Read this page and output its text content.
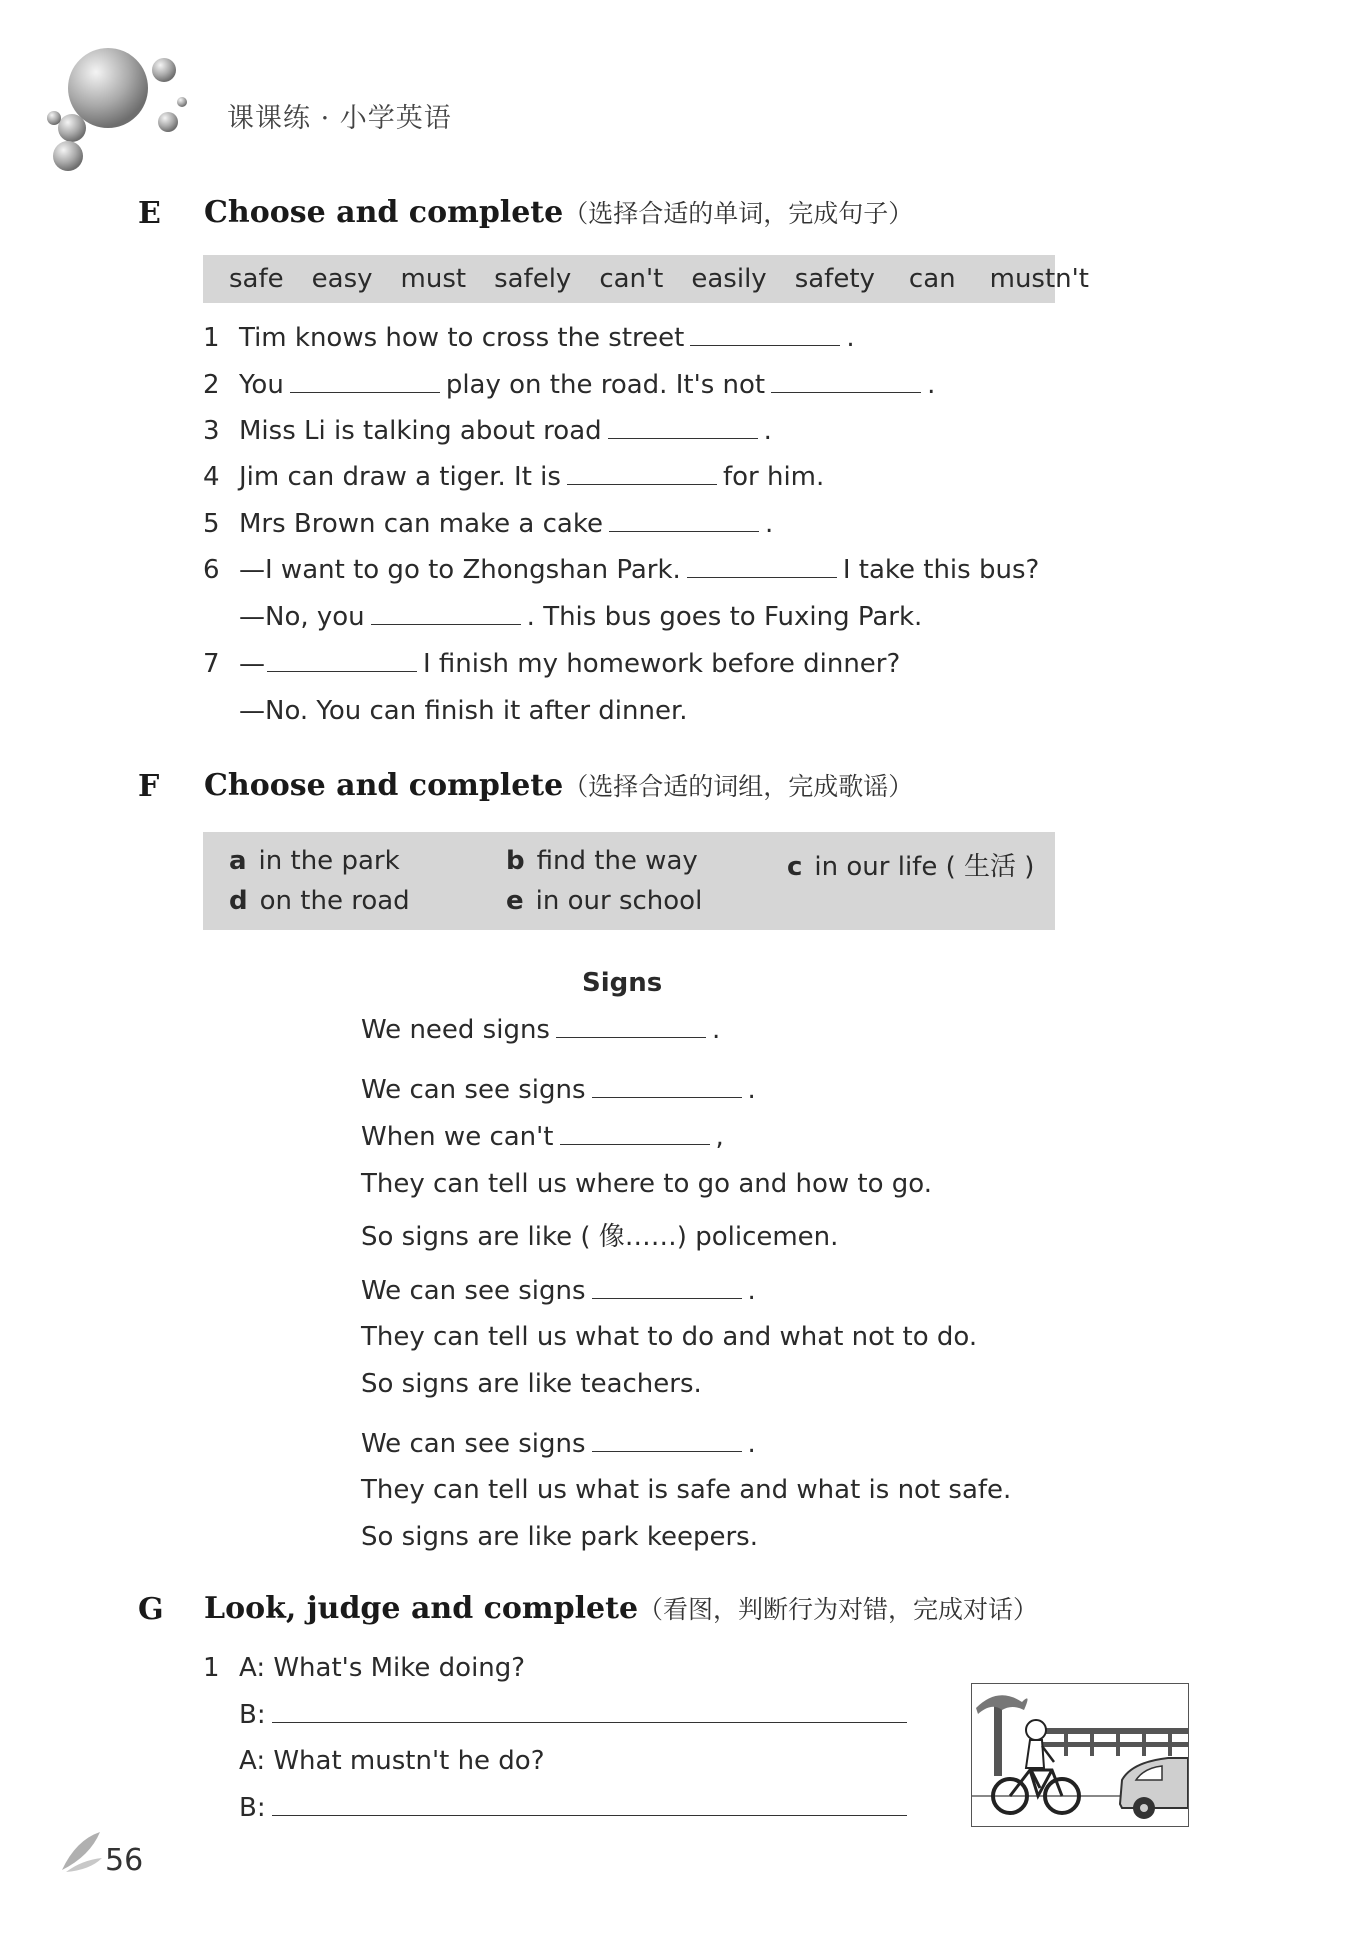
课课练 · 小学英语
E Choose and complete（选择合适的单词，完成句子）
safe easy must safely can't easily safety can mustn't
1 Tim knows how to cross the street	.
2 You	play on the road. It's not	.
3 Miss Li is talking about road	.
4 Jim can draw a tiger. It is	for him.
5 Mrs Brown can make a cake	.
6 —I want to go to Zhongshan Park.	I take this bus?
—No, you	. This bus goes to Fuxing Park.
7 —	I finish my homework before dinner?
—No. You can finish it after dinner.
F Choose and complete（选择合适的词组，完成歌谣）
a in the park	b find the way	c in our life ( 生活 )
d on the road	e in our school
Signs
We need signs	.
We can see signs	.
When we can't	,
They can tell us where to go and how to go.
So signs are like ( 像……) policemen.
We can see signs	.
They can tell us what to do and what not to do.
So signs are like teachers.
We can see signs	.
They can tell us what is safe and what is not safe.
So signs are like park keepers.
G Look, judge and complete（看图，判断行为对错，完成对话）
1 A: What's Mike doing?
B:
A: What mustn't he do?
B:
56
